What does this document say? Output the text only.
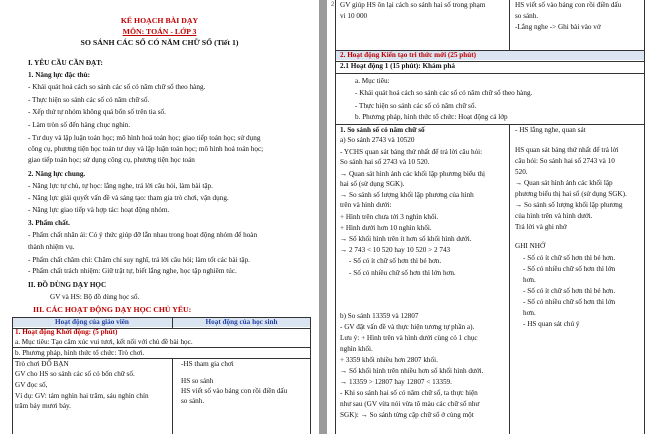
KẾ HOẠCH BÀI DẠY
MÔN: TOÁN - LỚP 3
SO SÁNH CÁC SỐ CÓ NĂM CHỮ SỐ (Tiết 1)
I. YÊU CẦU CẦN ĐẠT:
1. Năng lực đặc thù:
- Khái quát hoá cách so sánh các số có năm chữ số theo hàng.
- Thực hiện so sánh các số có năm chữ số.
- Xếp thứ tự nhóm không quá bốn số trên tia số.
- Làm tròn số đến hàng chục nghìn.
- Tư duy và lập luận toán học; mô hình hoá toán học; giao tiếp toán học; sử dụng
công cụ, phương tiện học toán tư duy và lập luận toán học; mô hình hoá toán học;
giao tiếp toán học; sử dụng công cụ, phương tiện học toán
2. Năng lực chung.
- Năng lực tự chủ, tự học: lắng nghe, trả lời câu hỏi, làm bài tập.
- Năng lực giải quyết vấn đề và sáng tạo: tham gia trò chơi, vận dụng.
- Năng lực giao tiếp và hợp tác: hoạt động nhóm.
3. Phẩm chất.
- Phẩm chất nhân ái: Có ý thức giúp đỡ lẫn nhau trong hoạt động nhóm để hoàn
thành nhiệm vụ.
- Phẩm chất chăm chỉ: Chăm chỉ suy nghĩ, trả lời câu hỏi; làm tốt các bài tập.
- Phẩm chất trách nhiệm: Giữ trật tự, biết lắng nghe, học tập nghiêm túc.
II. ĐỒ DÙNG DẠY HỌC
GV và HS: Bộ đồ dùng học số.
III. CÁC HOẠT ĐỘNG DẠY HỌC CHỦ YẾU:
Hoạt động của giáo viên	Hoạt động của học sinh
1. Hoạt động Khởi động: (5 phút)
a. Mục tiêu: Tạo căm xúc vui tươi, kết nối với chủ đề bài học.
b. Phương pháp, hình thức tổ chức: Trò chơi.
Trò chơi ĐỐ BẠN
GV cho HS so sánh các số có bốn chữ số.
GV đọc số,
Ví dụ: GV: tám nghìn hai trăm, sáu nghìn chín
trăm bảy mươi bảy.
-HS tham gia chơi
HS so sánh
HS viết số vào bảng con rồi điền dấu
so sánh.
2 GV giúp HS ôn lại cách so sánh hai số trong phạm
vi 10 000
HS viết số vào bảng con rồi điền dấu
so sánh.
-Lắng nghe -> Ghi bài vào vở
2. Hoạt động Kiến tạo tri thức mới (25 phút)
2.1 Hoạt động 1 (15 phút): Khám phá
a. Mục tiêu:
- Khái quát hoá cách so sánh các số có năm chữ số theo hàng.
- Thực hiện so sánh các số có năm chữ số.
b. Phương pháp, hình thức tổ chức: Hoạt động cả lớp
1. So sánh số có năm chữ số
a) So sánh 2743 và 10520
- YCHS quan sát bảng thứ nhất để trả lời câu hỏi:
So sánh hai số 2743 và 10 520.
→ Quan sát hình ảnh các khối lập phương biểu thị
hai số (sử dụng SGK).
→ So sánh số lượng khối lập phương của hình
trên và hình dưới:
+ Hình trên chưa tới 3 nghìn khối.
+ Hình dưới hơn 10 nghìn khối.
→ Số khối hình trên ít hơn số khối hình dưới.
→ 2 743 < 10 520 hay 10 520 > 2 743
- Số có ít chữ số hơn thì bé hơn.
- Số có nhiều chữ số hơn thì lớn hơn.
b) So sánh 13359 và 12807
- GV đặt vấn đề và thực hiện tương tự phần a).
Lưu ý: + Hình trên và hình dưới cùng có 1 chục
nghìn khối.
+ 3359 khối nhiều hơn 2807 khối.
→ Số khối hình trên nhiều hơn số khối hình dưới.
→ 13359 > 12807 hay 12807 < 13359.
- Khi so sánh hai số có năm chữ số, ta thực hiện
như sau (GV vừa nói vừa tô màu các chữ số như
SGK): → So sánh từng cặp chữ số ở cùng một
- HS lắng nghe, quan sát
HS quan sát bảng thứ nhất để trả lời
câu hỏi: So sánh hai số 2743 và 10
520.
→ Quan sát hình ảnh các khối lập
phương biểu thị hai số (sử dụng SGK).
→ So sánh số lượng khối lập phương
của hình trên và hình dưới.
Trả lời và ghi nhớ
GHI NHỚ
- Số có ít chữ số hơn thì bé hơn.
- Số có nhiều chữ số hơn thì lớn
hơn.
- Số có ít chữ số hơn thì bé hơn.
- Số có nhiều chữ số hơn thì lớn
hơn.
- HS quan sát chú ý
